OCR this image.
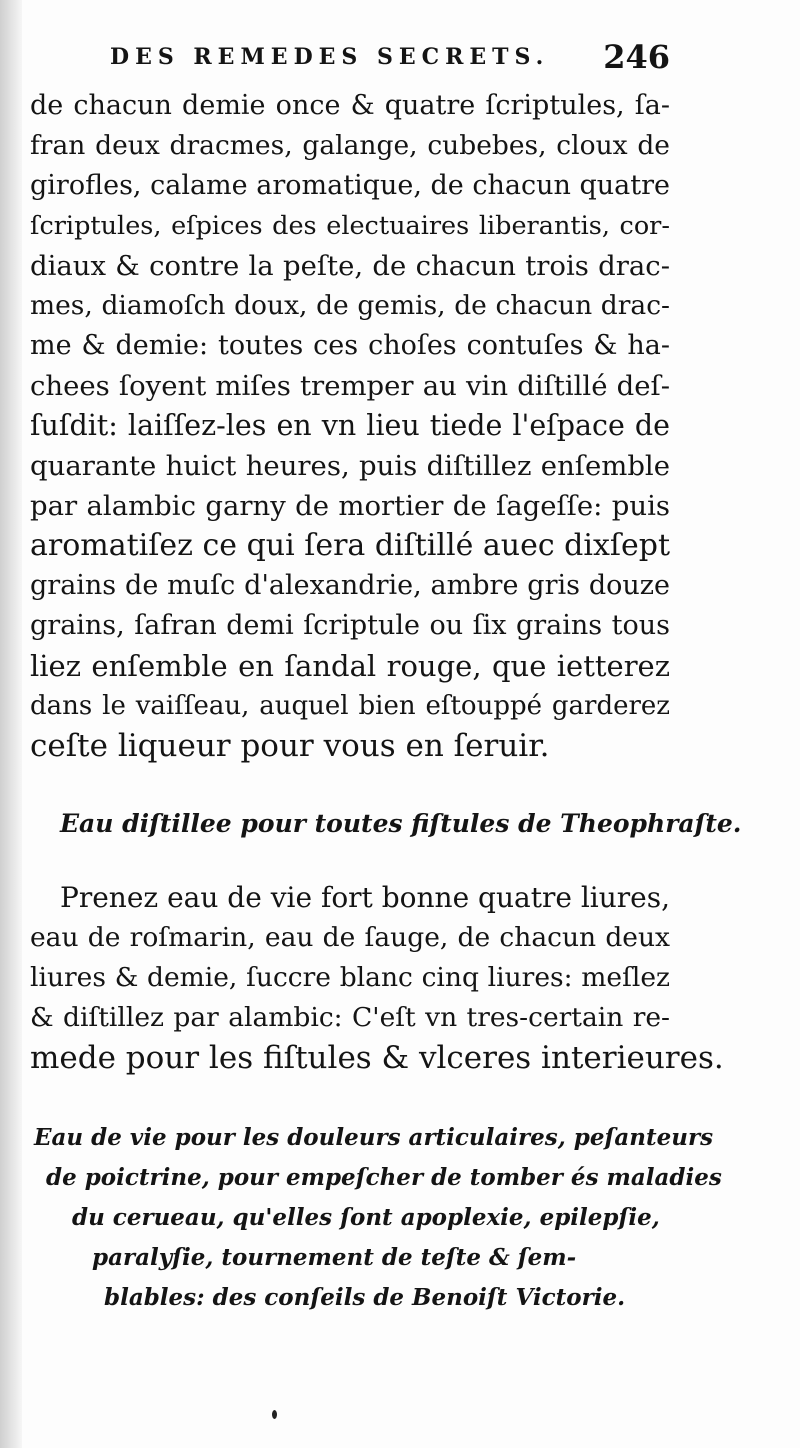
DES REMEDES SECRETS. 246
de chacun demie once & quatre ſcriptules, ſa-
fran deux dracmes, galange, cubebes, cloux de
girofles, calame aromatique, de chacun quatre
ſcriptules, eſpices des electuaires liberantis, cor-
diaux & contre la peſte, de chacun trois drac-
mes, diamoſch doux, de gemis, de chacun drac-
me & demie: toutes ces choſes contuſes & ha-
chees ſoyent miſes tremper au vin diſtillé deſ-
ſuſdit: laiſſez-les en vn lieu tiede l'eſpace de
quarante huict heures, puis diſtillez enſemble
par alambic garny de mortier de ſageſſe: puis
aromatiſez ce qui ſera diſtillé auec dixſept
grains de muſc d'alexandrie, ambre gris douze
grains, ſafran demi ſcriptule ou ſix grains tous
liez enſemble en ſandal rouge, que ietterez
dans le vaiſſeau, auquel bien eſtouppé garderez
ceſte liqueur pour vous en ſeruir.
Eau diſtillee pour toutes fiſtules de Theophraſte.
Prenez eau de vie fort bonne quatre liures,
eau de roſmarin, eau de ſauge, de chacun deux
liures & demie, ſuccre blanc cinq liures: meſlez
& diſtillez par alambic: C'eſt vn tres-certain re-
mede pour les fiſtules & vlceres interieures.
Eau de vie pour les douleurs articulaires, peſanteurs
de poictrine, pour empeſcher de tomber és maladies
du cerueau, qu'elles ſont apoplexie, epilepſie,
paralyſie, tournement de teſte & ſem-
blables: des conſeils de Benoiſt Victorie.
